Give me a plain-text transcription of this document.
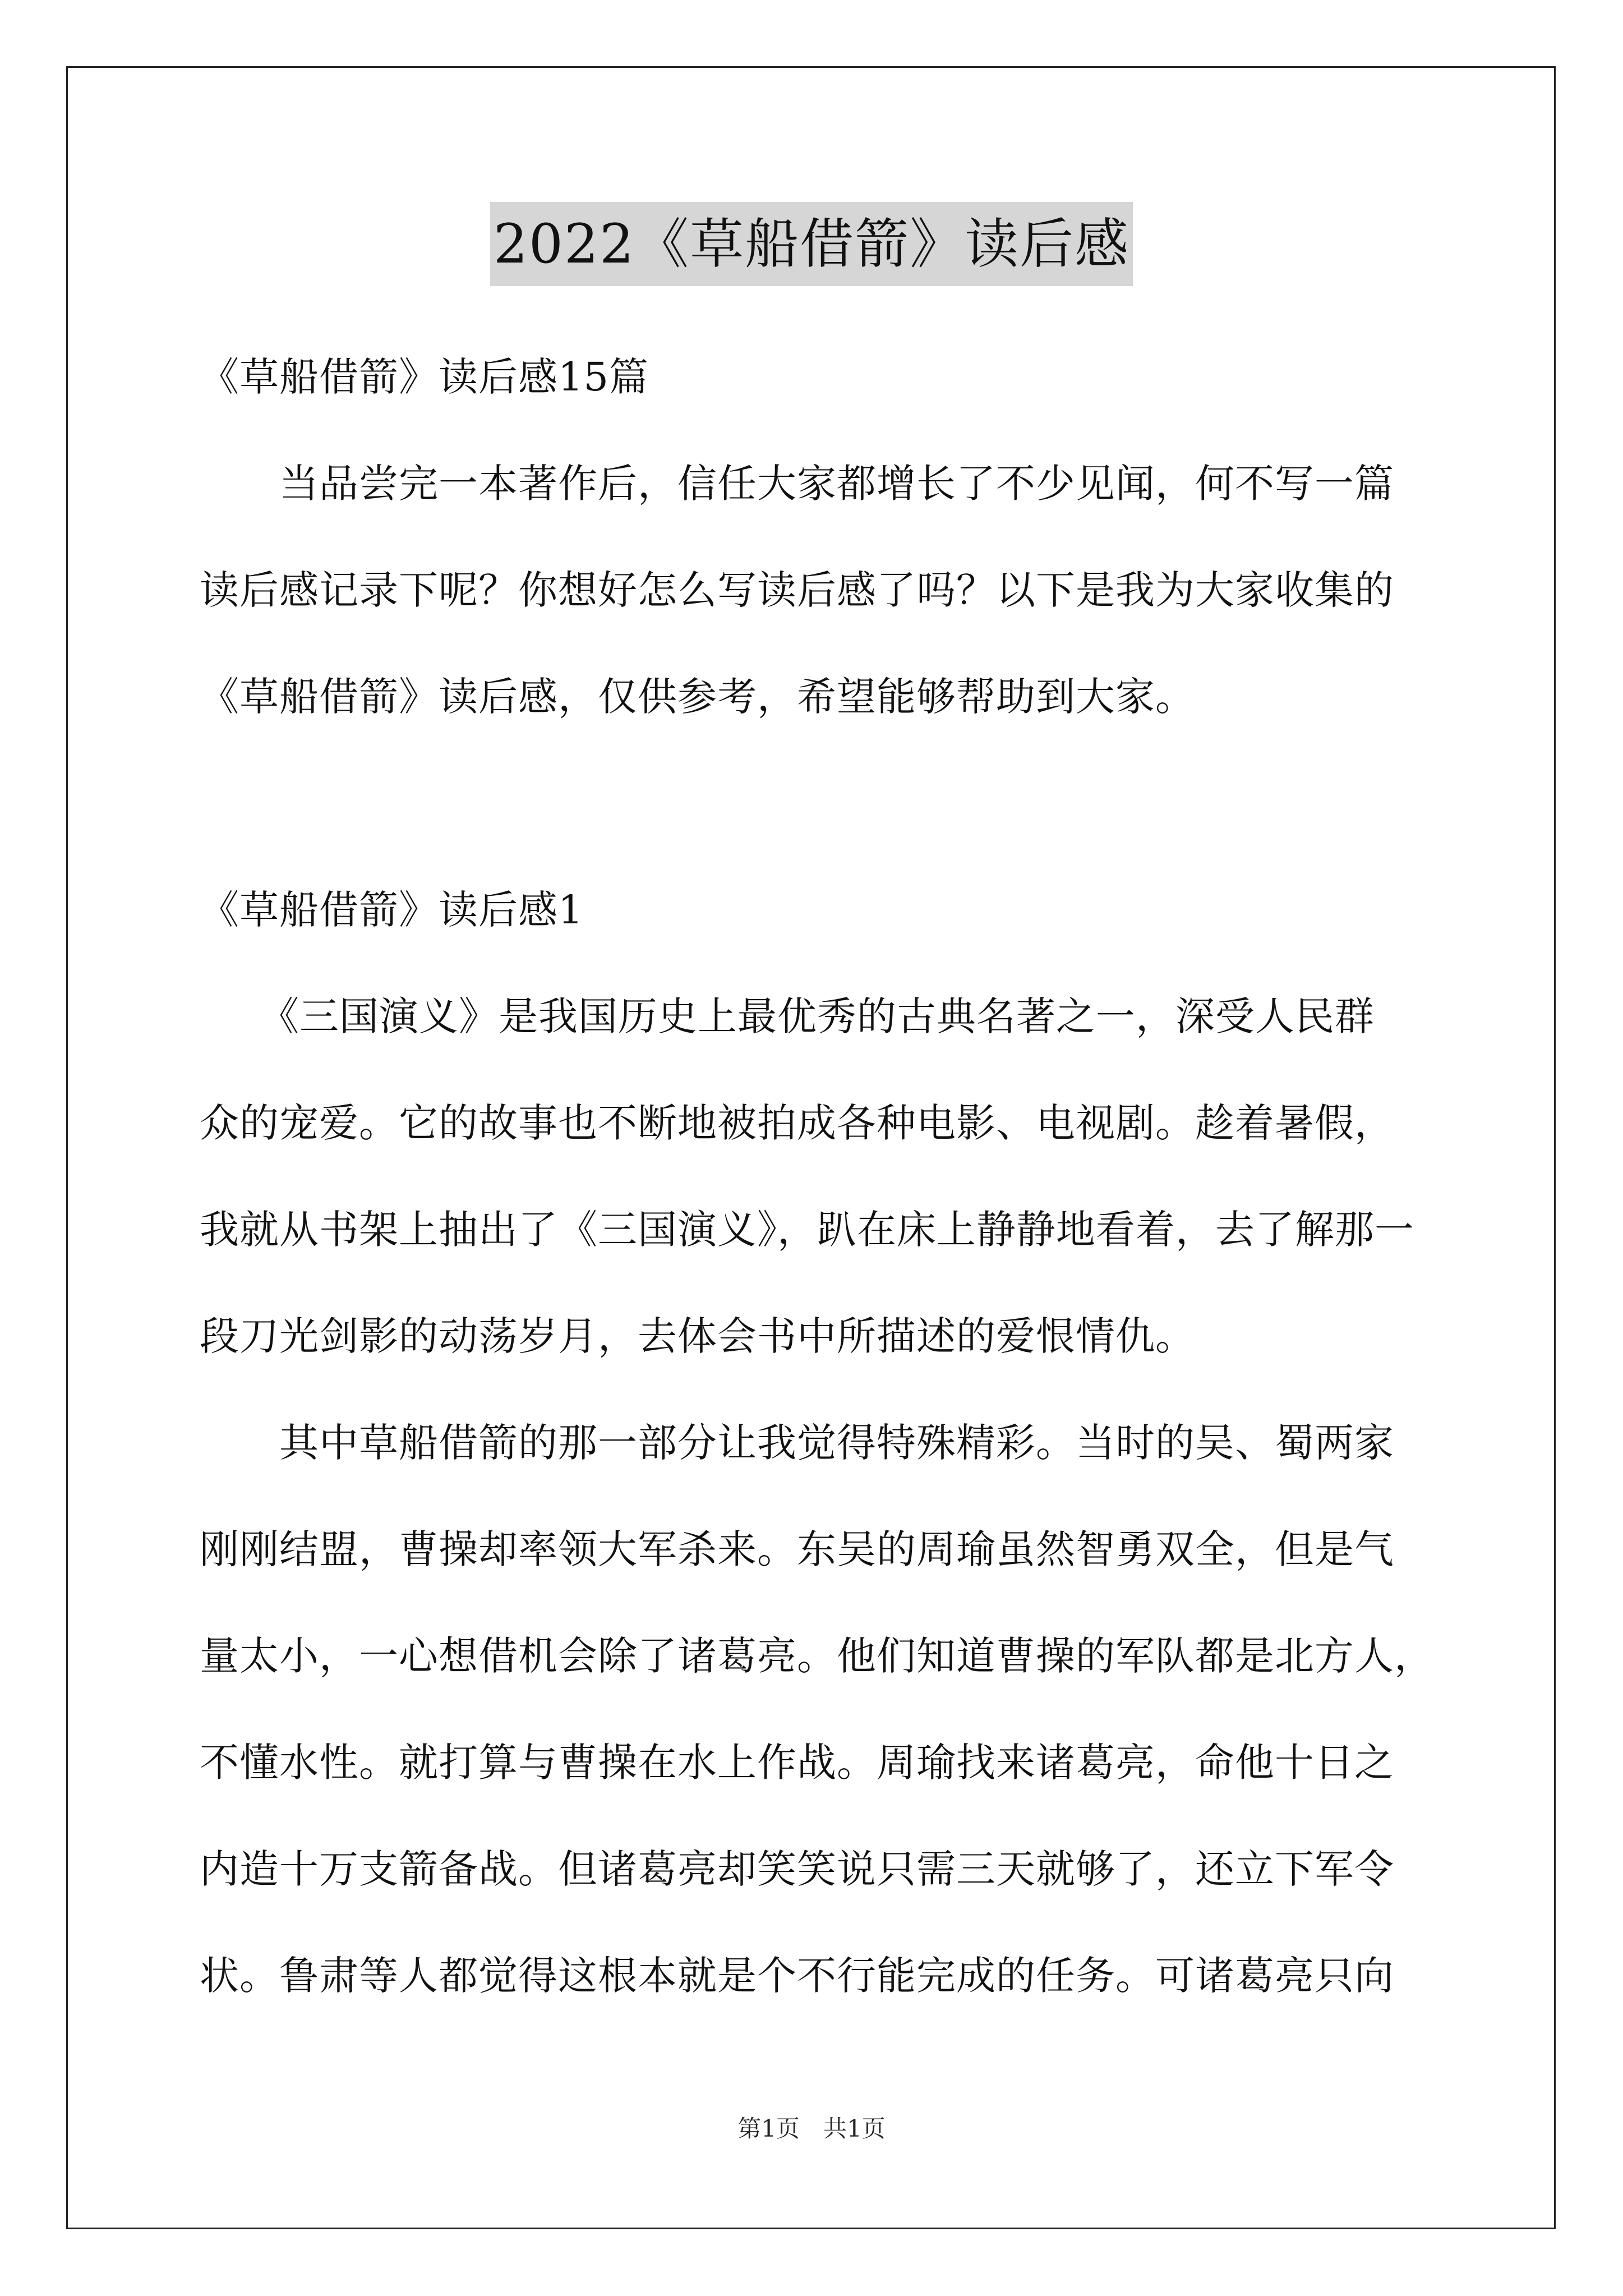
2022《草船借箭》读后感
《草船借箭》读后感15篇
　　当品尝完一本著作后，信任大家都增长了不少见闻，何不写一篇
读后感记录下呢？你想好怎么写读后感了吗？以下是我为大家收集的
《草船借箭》读后感，仅供参考，希望能够帮助到大家。
《草船借箭》读后感1
　　《三国演义》是我国历史上最优秀的古典名著之一，深受人民群
众的宠爱。它的故事也不断地被拍成各种电影、电视剧。趁着暑假，
我就从书架上抽出了《三国演义》，趴在床上静静地看着，去了解那一
段刀光剑影的动荡岁月，去体会书中所描述的爱恨情仇。
　　其中草船借箭的那一部分让我觉得特殊精彩。当时的吴、蜀两家
刚刚结盟，曹操却率领大军杀来。东吴的周瑜虽然智勇双全，但是气
量太小，一心想借机会除了诸葛亮。他们知道曹操的军队都是北方人，
不懂水性。就打算与曹操在水上作战。周瑜找来诸葛亮，命他十日之
内造十万支箭备战。但诸葛亮却笑笑说只需三天就够了，还立下军令
状。鲁肃等人都觉得这根本就是个不行能完成的任务。可诸葛亮只向
第1页　共1页
